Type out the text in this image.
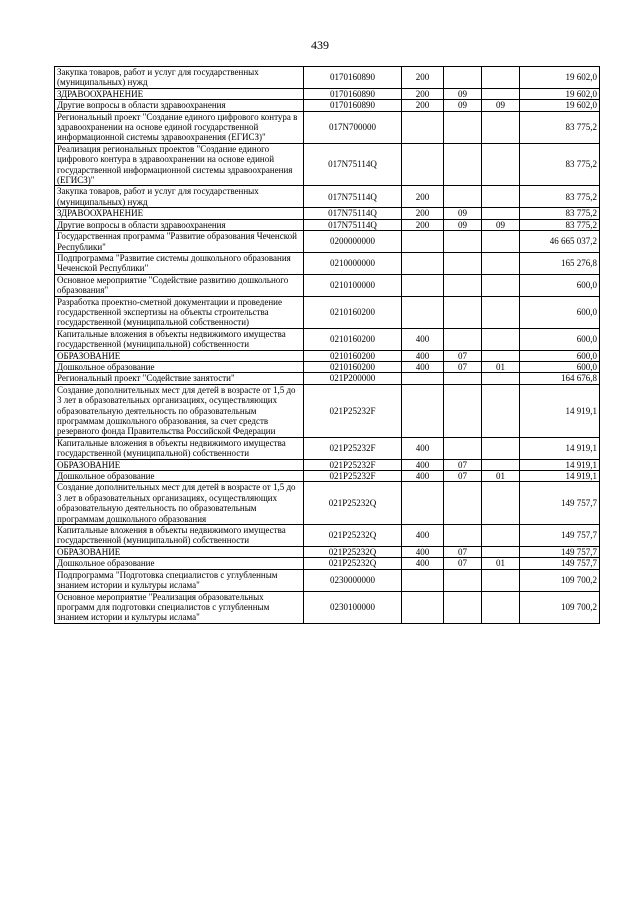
439
Закупка товаров, работ и услуг для государственных (муниципальных) нужд	0170160890	200			19 602,0
ЗДРАВООХРАНЕНИЕ	0170160890	200	09		19 602,0
Другие вопросы в области здравоохранения	0170160890	200	09	09	19 602,0
Региональный проект "Создание единого цифрового контура в здравоохранении на основе единой государственной информационной системы здравоохранения (ЕГИСЗ)"	017N700000				83 775,2
Реализация региональных проектов "Создание единого цифрового контура в здравоохранении на основе единой государственной информационной системы здравоохранения (ЕГИСЗ)"	017N75114Q				83 775,2
Закупка товаров, работ и услуг для государственных (муниципальных) нужд	017N75114Q	200			83 775,2
ЗДРАВООХРАНЕНИЕ	017N75114Q	200	09		83 775,2
Другие вопросы в области здравоохранения	017N75114Q	200	09	09	83 775,2
Государственная программа "Развитие образования Чеченской Республики"	0200000000				46 665 037,2
Подпрограмма "Развитие системы дошкольного образования Чеченской Республики"	0210000000				165 276,8
Основное мероприятие "Содействие развитию дошкольного образования"	0210100000				600,0
Разработка проектно-сметной документации и проведение государственной экспертизы на объекты строительства государственной (муниципальной собственности)	0210160200				600,0
Капитальные вложения в объекты недвижимого имущества государственной (муниципальной) собственности	0210160200	400			600,0
ОБРАЗОВАНИЕ	0210160200	400	07		600,0
Дошкольное образование	0210160200	400	07	01	600,0
Региональный проект "Содействие занятости"	021P200000				164 676,8
Создание дополнительных мест для детей в возрасте от 1,5 до 3 лет в образовательных организациях, осуществляющих образовательную деятельность по образовательным программам дошкольного образования, за счет средств резервного фонда Правительства Российской Федерации	021P25232F				14 919,1
Капитальные вложения в объекты недвижимого имущества государственной (муниципальной) собственности	021P25232F	400			14 919,1
ОБРАЗОВАНИЕ	021P25232F	400	07		14 919,1
Дошкольное образование	021P25232F	400	07	01	14 919,1
Создание дополнительных мест для детей в возрасте от 1,5 до 3 лет в образовательных организациях, осуществляющих образовательную деятельность по образовательным программам дошкольного образования	021P25232Q				149 757,7
Капитальные вложения в объекты недвижимого имущества государственной (муниципальной) собственности	021P25232Q	400			149 757,7
ОБРАЗОВАНИЕ	021P25232Q	400	07		149 757,7
Дошкольное образование	021P25232Q	400	07	01	149 757,7
Подпрограмма "Подготовка специалистов с углубленным знанием истории и культуры ислама"	0230000000				109 700,2
Основное мероприятие "Реализация образовательных программ для подготовки специалистов с углубленным знанием истории и культуры ислама"	0230100000				109 700,2
